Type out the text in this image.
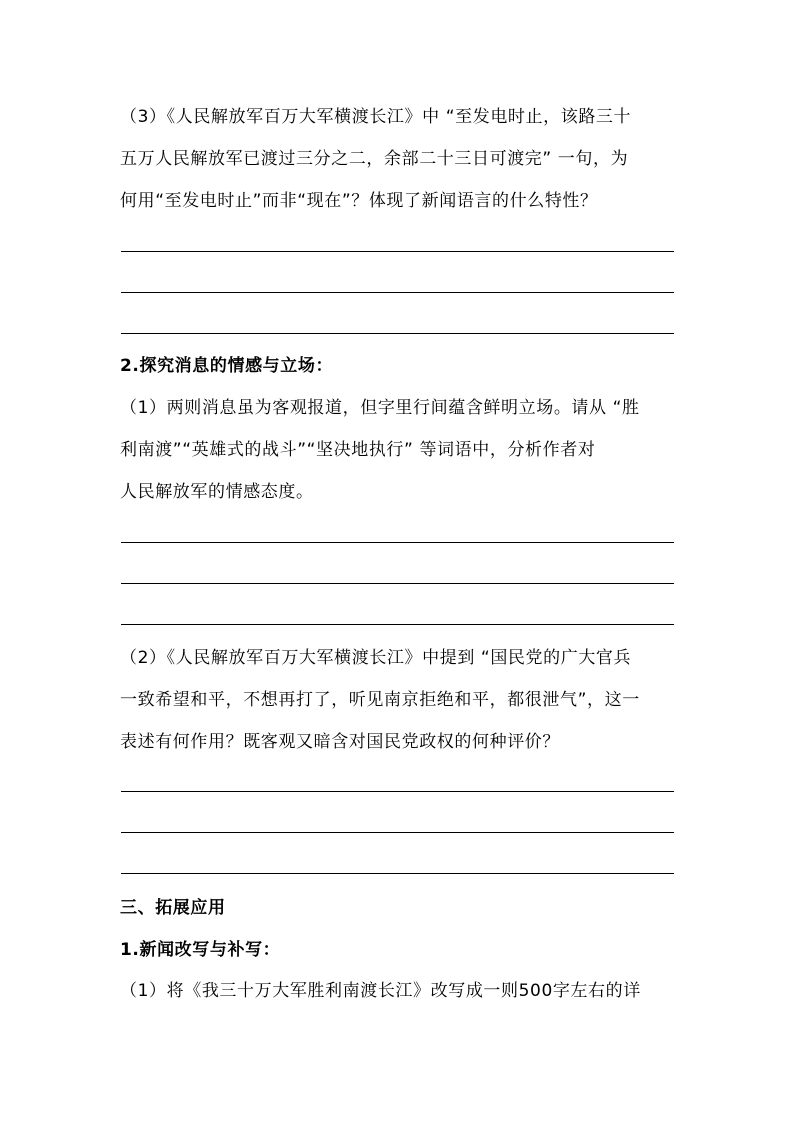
（3）《人民解放军百万大军横渡长江》中 “至发电时止，该路三十
五万人民解放军已渡过三分之二，余部二十三日可渡完” 一句，为
何用“至发电时止”而非“现在”？体现了新闻语言的什么特性？
2.探究消息的情感与立场：
（1）两则消息虽为客观报道，但字里行间蕴含鲜明立场。请从 “胜
利南渡”“英雄式的战斗”“坚决地执行” 等词语中，分析作者对
人民解放军的情感态度。
（2）《人民解放军百万大军横渡长江》中提到 “国民党的广大官兵
一致希望和平，不想再打了，听见南京拒绝和平，都很泄气”，这一
表述有何作用？既客观又暗含对国民党政权的何种评价？
三、拓展应用
1.新闻改写与补写：
（1）将《我三十万大军胜利南渡长江》改写成一则500字左右的详
